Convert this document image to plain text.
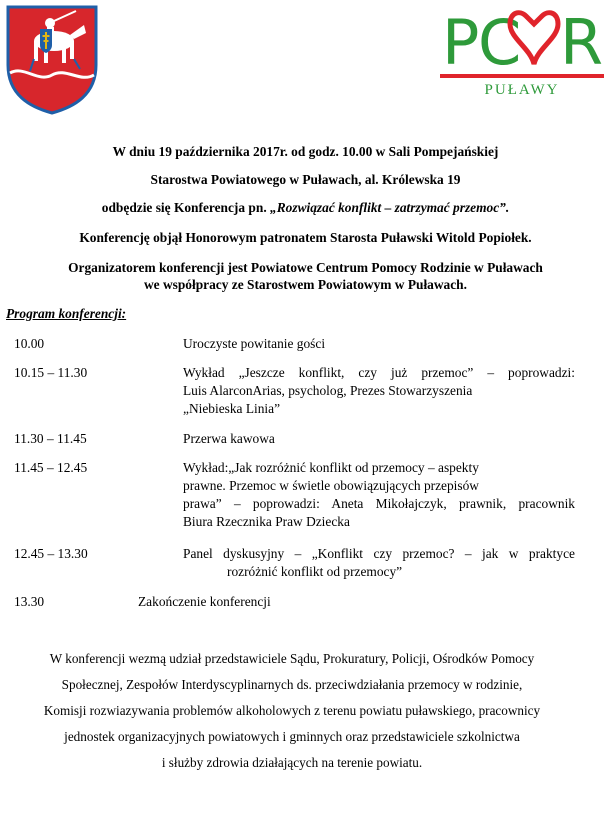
P
C R
PUŁAWY
W dniu 19 października 2017r. od godz. 10.00 w Sali Pompejańskiej
Starostwa Powiatowego w Puławach, al. Królewska 19
odbędzie się Konferencja pn. „Rozwiązać konflikt – zatrzymać przemoc”.
Konferencję objął Honorowym patronatem Starosta Puławski Witold Popiołek.
Organizatorem konferencji jest Powiatowe Centrum Pomocy Rodzinie w Puławach
we współpracy ze Starostwem Powiatowym w Puławach.
Program konferencji:
10.00	Uroczyste powitanie gości
10.15 – 11.30	Wykład „Jeszcze konflikt, czy już przemoc” – poprowadzi:
Luis AlarconArias, psycholog, Prezes Stowarzyszenia
„Niebieska Linia”
11.30 – 11.45	Przerwa kawowa
11.45 – 12.45	Wykład:„Jak rozróżnić konflikt od przemocy – aspekty
prawne. Przemoc w świetle obowiązujących przepisów
prawa” – poprowadzi: Aneta Mikołajczyk, prawnik, pracownik
Biura Rzecznika Praw Dziecka
12.45 – 13.30	Panel dyskusyjny – „Konflikt czy przemoc? – jak w praktyce
rozróżnić konflikt od przemocy”
13.30	Zakończenie konferencji
W konferencji wezmą udział przedstawiciele Sądu, Prokuratury, Policji, Ośrodków Pomocy
Społecznej, Zespołów Interdyscyplinarnych ds. przeciwdziałania przemocy w rodzinie,
Komisji rozwiazywania problemów alkoholowych z terenu powiatu puławskiego, pracownicy
jednostek organizacyjnych powiatowych i gminnych oraz przedstawiciele szkolnictwa
i służby zdrowia działających na terenie powiatu.
